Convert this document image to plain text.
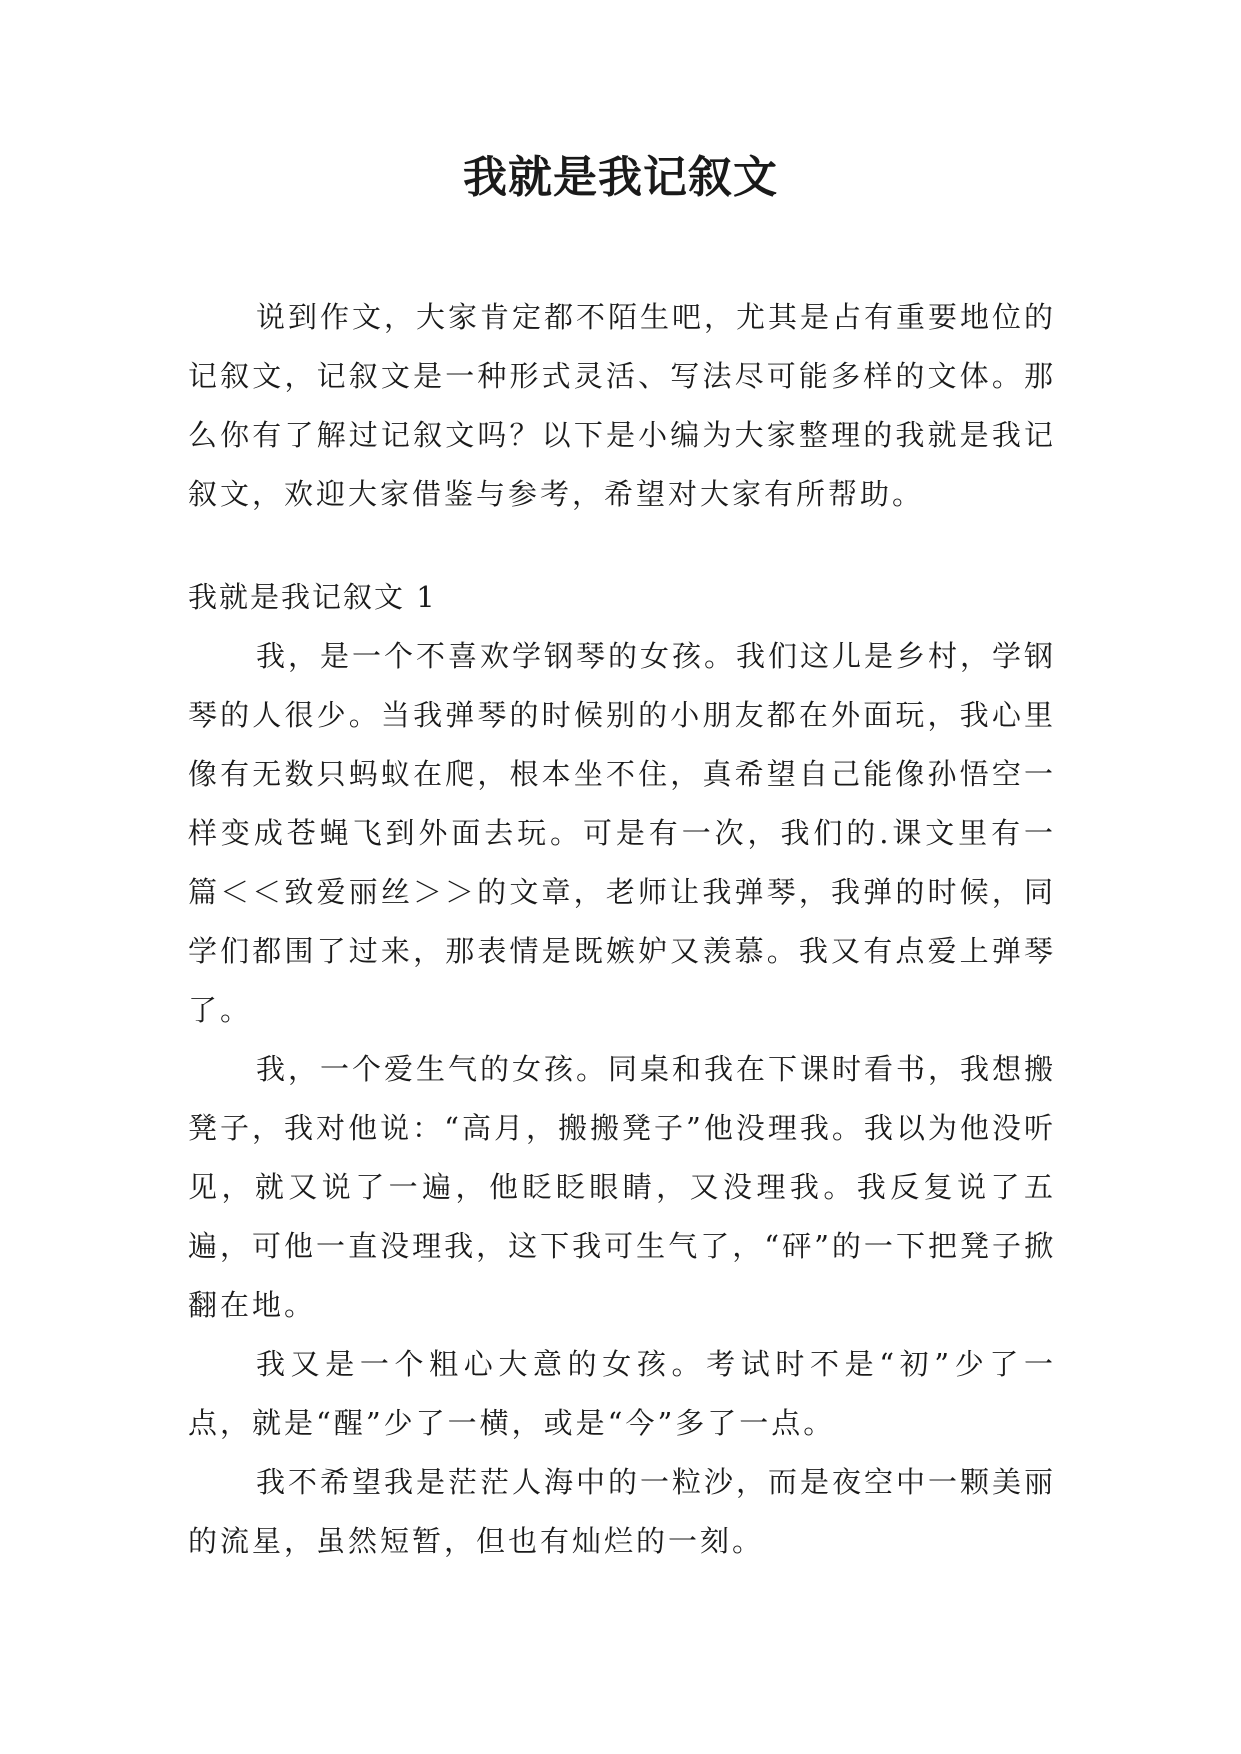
我就是我记叙文

说到作文，大家肯定都不陌生吧，尤其是占有重要地位的记叙文，记叙文是一种形式灵活、写法尽可能多样的文体。那么你有了解过记叙文吗？以下是小编为大家整理的我就是我记叙文，欢迎大家借鉴与参考，希望对大家有所帮助。

我就是我记叙文 1

我，是一个不喜欢学钢琴的女孩。我们这儿是乡村，学钢琴的人很少。当我弹琴的时候别的小朋友都在外面玩，我心里像有无数只蚂蚁在爬，根本坐不住，真希望自己能像孙悟空一样变成苍蝇飞到外面去玩。可是有一次，我们的.课文里有一篇＜＜致爱丽丝＞＞的文章，老师让我弹琴，我弹的时候，同学们都围了过来，那表情是既嫉妒又羡慕。我又有点爱上弹琴了。

我，一个爱生气的女孩。同桌和我在下课时看书，我想搬凳子，我对他说：“高月，搬搬凳子”他没理我。我以为他没听见，就又说了一遍，他眨眨眼睛，又没理我。我反复说了五遍，可他一直没理我，这下我可生气了，“砰”的一下把凳子掀翻在地。

我又是一个粗心大意的女孩。考试时不是“初”少了一点，就是“醒”少了一横，或是“今”多了一点。

我不希望我是茫茫人海中的一粒沙，而是夜空中一颗美丽的流星，虽然短暂，但也有灿烂的一刻。
